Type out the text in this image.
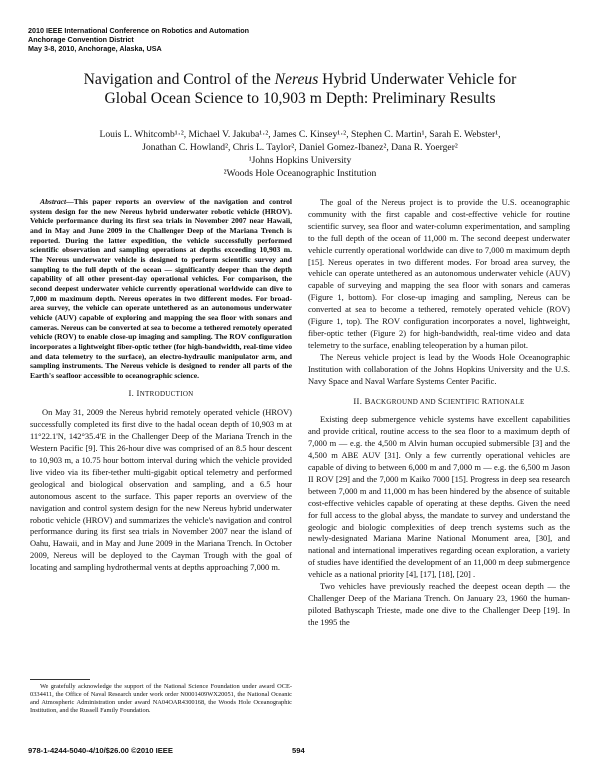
2010 IEEE International Conference on Robotics and Automation
Anchorage Convention District
May 3-8, 2010, Anchorage, Alaska, USA
Navigation and Control of the Nereus Hybrid Underwater Vehicle for
Global Ocean Science to 10,903 m Depth: Preliminary Results
Louis L. Whitcomb¹·², Michael V. Jakuba¹·², James C. Kinsey¹·², Stephen C. Martin¹, Sarah E. Webster¹,
Jonathan C. Howland², Chris L. Taylor², Daniel Gomez-Ibanez², Dana R. Yoerger²
¹Johns Hopkins University
²Woods Hole Oceanographic Institution

Abstract—This paper reports an overview of the navigation and control system design for the new Nereus hybrid underwater robotic vehicle (HROV). Vehicle performance during its first sea trials in November 2007 near Hawaii, and in May and June 2009 in the Challenger Deep of the Mariana Trench is reported. During the latter expedition, the vehicle successfully performed scientific observation and sampling operations at depths exceeding 10,903 m. The Nereus underwater vehicle is designed to perform scientific survey and sampling to the full depth of the ocean — significantly deeper than the depth capability of all other present-day operational vehicles. For comparison, the second deepest underwater vehicle currently operational worldwide can dive to 7,000 m maximum depth. Nereus operates in two different modes. For broad-area survey, the vehicle can operate untethered as an autonomous underwater vehicle (AUV) capable of exploring and mapping the sea floor with sonars and cameras. Nereus can be converted at sea to become a tethered remotely operated vehicle (ROV) to enable close-up imaging and sampling. The ROV configuration incorporates a lightweight fiber-optic tether (for high-bandwidth, real-time video and data telemetry to the surface), an electro-hydraulic manipulator arm, and sampling instruments. The Nereus vehicle is designed to render all parts of the Earth's seafloor accessible to oceanographic science.

I. INTRODUCTION

On May 31, 2009 the Nereus hybrid remotely operated vehicle (HROV) successfully completed its first dive to the hadal ocean depth of 10,903 m at 11°22.1'N, 142°35.4'E in the Challenger Deep of the Mariana Trench in the Western Pacific [9]. This 26-hour dive was comprised of an 8.5 hour descent to 10,903 m, a 10.75 hour bottom interval during which the vehicle provided live video via its fiber-tether multi-gigabit optical telemetry and performed geological and biological observation and sampling, and a 6.5 hour autonomous ascent to the surface. This paper reports an overview of the navigation and control system design for the new Nereus hybrid underwater robotic vehicle (HROV) and summarizes the vehicle's navigation and control performance during its first sea trials in November 2007 near the island of Oahu, Hawaii, and in May and June 2009 in the Mariana Trench. In October 2009, Nereus will be deployed to the Cayman Trough with the goal of locating and sampling hydrothermal vents at depths approaching 7,000 m.

We gratefully acknowledge the support of the National Science Foundation under award OCE-0334411, the Office of Naval Research under work order N0001409WX20051, the National Oceanic and Atmospheric Administration under award NA04OAR4300168, the Woods Hole Oceanographic Institution, and the Russell Family Foundation.

The goal of the Nereus project is to provide the U.S. oceanographic community with the first capable and cost-effective vehicle for routine scientific survey, sea floor and water-column experimentation, and sampling to the full depth of the ocean of 11,000 m. The second deepest underwater vehicle currently operational worldwide can dive to 7,000 m maximum depth [15]. Nereus operates in two different modes. For broad area survey, the vehicle can operate untethered as an autonomous underwater vehicle (AUV) capable of surveying and mapping the sea floor with sonars and cameras (Figure 1, bottom). For close-up imaging and sampling, Nereus can be converted at sea to become a tethered, remotely operated vehicle (ROV) (Figure 1, top). The ROV configuration incorporates a novel, lightweight, fiber-optic tether (Figure 2) for high-bandwidth, real-time video and data telemetry to the surface, enabling teleoperation by a human pilot.

The Nereus vehicle project is lead by the Woods Hole Oceanographic Institution with collaboration of the Johns Hopkins University and the U.S. Navy Space and Naval Warfare Systems Center Pacific.

II. BACKGROUND AND SCIENTIFIC RATIONALE

Existing deep submergence vehicle systems have excellent capabilities and provide critical, routine access to the sea floor to a maximum depth of 7,000 m — e.g. the 4,500 m Alvin human occupied submersible [3] and the 4,500 m ABE AUV [31]. Only a few currently operational vehicles are capable of diving to between 6,000 m and 7,000 m — e.g. the 6,500 m Jason II ROV [29] and the 7,000 m Kaiko 7000 [15]. Progress in deep sea research between 7,000 m and 11,000 m has been hindered by the absence of suitable cost-effective vehicles capable of operating at these depths. Given the need for full access to the global abyss, the mandate to survey and understand the geologic and biologic complexities of deep trench systems such as the newly-designated Mariana Marine National Monument area, [30], and national and international imperatives regarding ocean exploration, a variety of studies have identified the development of an 11,000 m deep submergence vehicle as a national priority [4], [17], [18], [20] .

Two vehicles have previously reached the deepest ocean depth — the Challenger Deep of the Mariana Trench. On January 23, 1960 the human-piloted Bathyscaph Trieste, made one dive to the Challenger Deep [19]. In the 1995 the

978-1-4244-5040-4/10/$26.00 ©2010 IEEE	594
